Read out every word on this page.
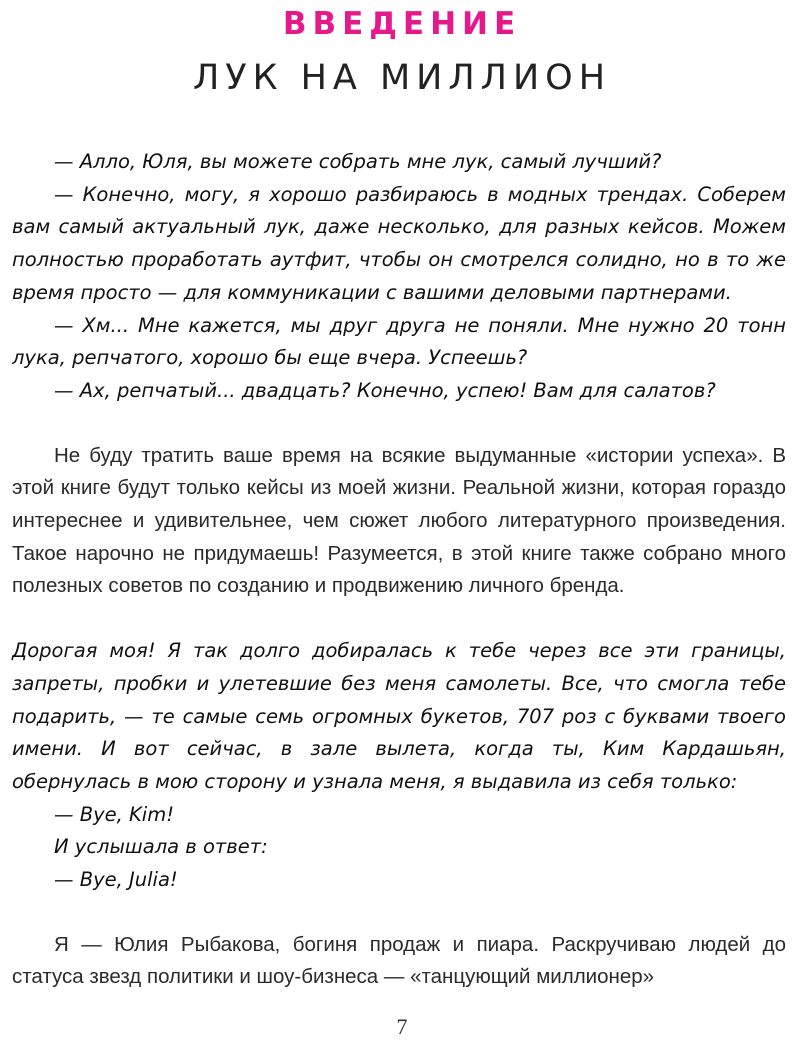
ВВЕДЕНИЕ
ЛУК НА МИЛЛИОН

— Алло, Юля, вы можете собрать мне лук, самый лучший?

— Конечно, могу, я хорошо разбираюсь в модных трендах. Соберем вам самый актуальный лук, даже несколько, для разных кейсов. Можем полностью проработать аутфит, чтобы он смотрелся солидно, но в то же время просто — для коммуникации с вашими деловыми партнерами.

— Хм... Мне кажется, мы друг друга не поняли. Мне нужно 20 тонн лука, репчатого, хорошо бы еще вчера. Успеешь?

— Ах, репчатый... двадцать? Конечно, успею! Вам для салатов?

Не буду тратить ваше время на всякие выдуманные «истории успеха». В этой книге будут только кейсы из моей жизни. Реальной жизни, которая гораздо интереснее и удивительнее, чем сюжет любого литературного произведения. Такое нарочно не придумаешь! Разумеется, в этой книге также собрано много полезных советов по созданию и продвижению личного бренда.

Дорогая моя! Я так долго добиралась к тебе через все эти границы, запреты, пробки и улетевшие без меня самолеты. Все, что смогла тебе подарить, — те самые семь огромных букетов, 707 роз с буквами твоего имени. И вот сейчас, в зале вылета, когда ты, Ким Кардашьян, обернулась в мою сторону и узнала меня, я выдавила из себя только:

— Bye, Kim!

И услышала в ответ:

— Bye, Julia!

Я — Юлия Рыбакова, богиня продаж и пиара. Раскручиваю людей до статуса звезд политики и шоу-бизнеса — «танцующий миллионер»

7
